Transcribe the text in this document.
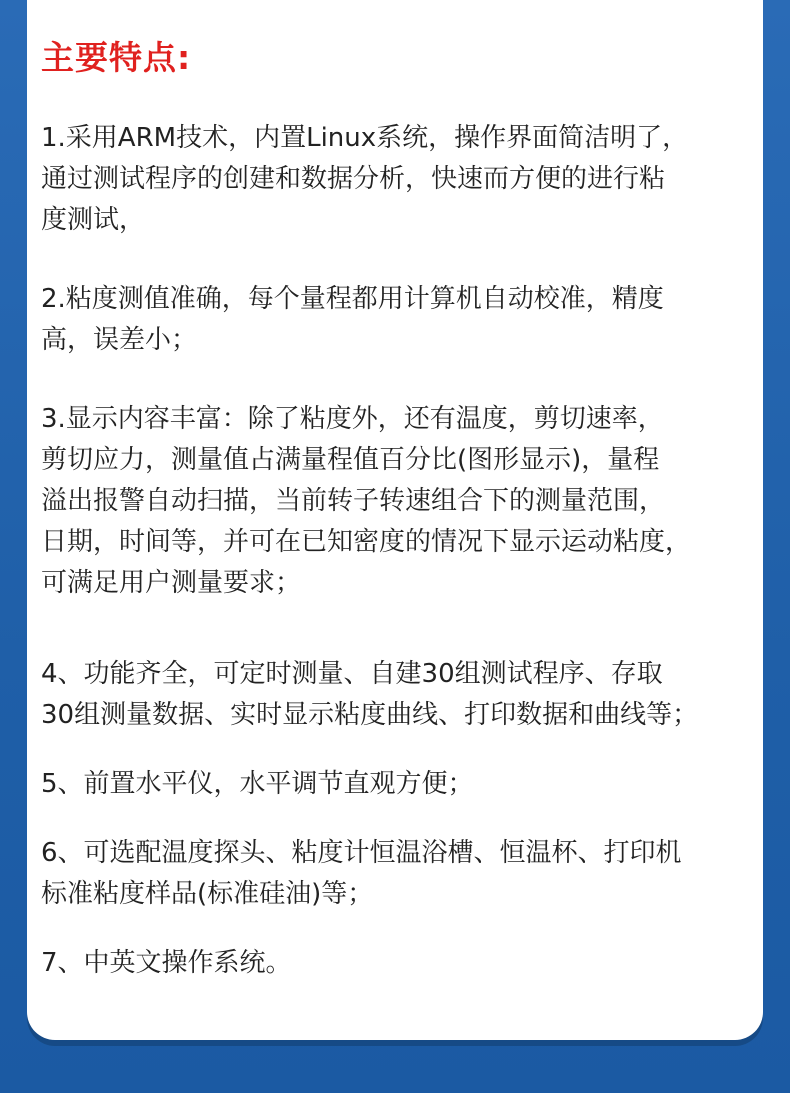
主要特点:

1.采用ARM技术，内置Linux系统，操作界面简洁明了，
通过测试程序的创建和数据分析，快速而方便的进行粘
度测试，

2.粘度测值准确，每个量程都用计算机自动校准，精度
高，误差小；

3.显示内容丰富：除了粘度外，还有温度，剪切速率，
剪切应力，测量值占满量程值百分比(图形显示)，量程
溢出报警自动扫描，当前转子转速组合下的测量范围，
日期，时间等，并可在已知密度的情况下显示运动粘度，
可满足用户测量要求；

4、功能齐全，可定时测量、自建30组测试程序、存取
30组测量数据、实时显示粘度曲线、打印数据和曲线等；

5、前置水平仪，水平调节直观方便；

6、可选配温度探头、粘度计恒温浴槽、恒温杯、打印机
标准粘度样品(标准硅油)等；

7、中英文操作系统。
